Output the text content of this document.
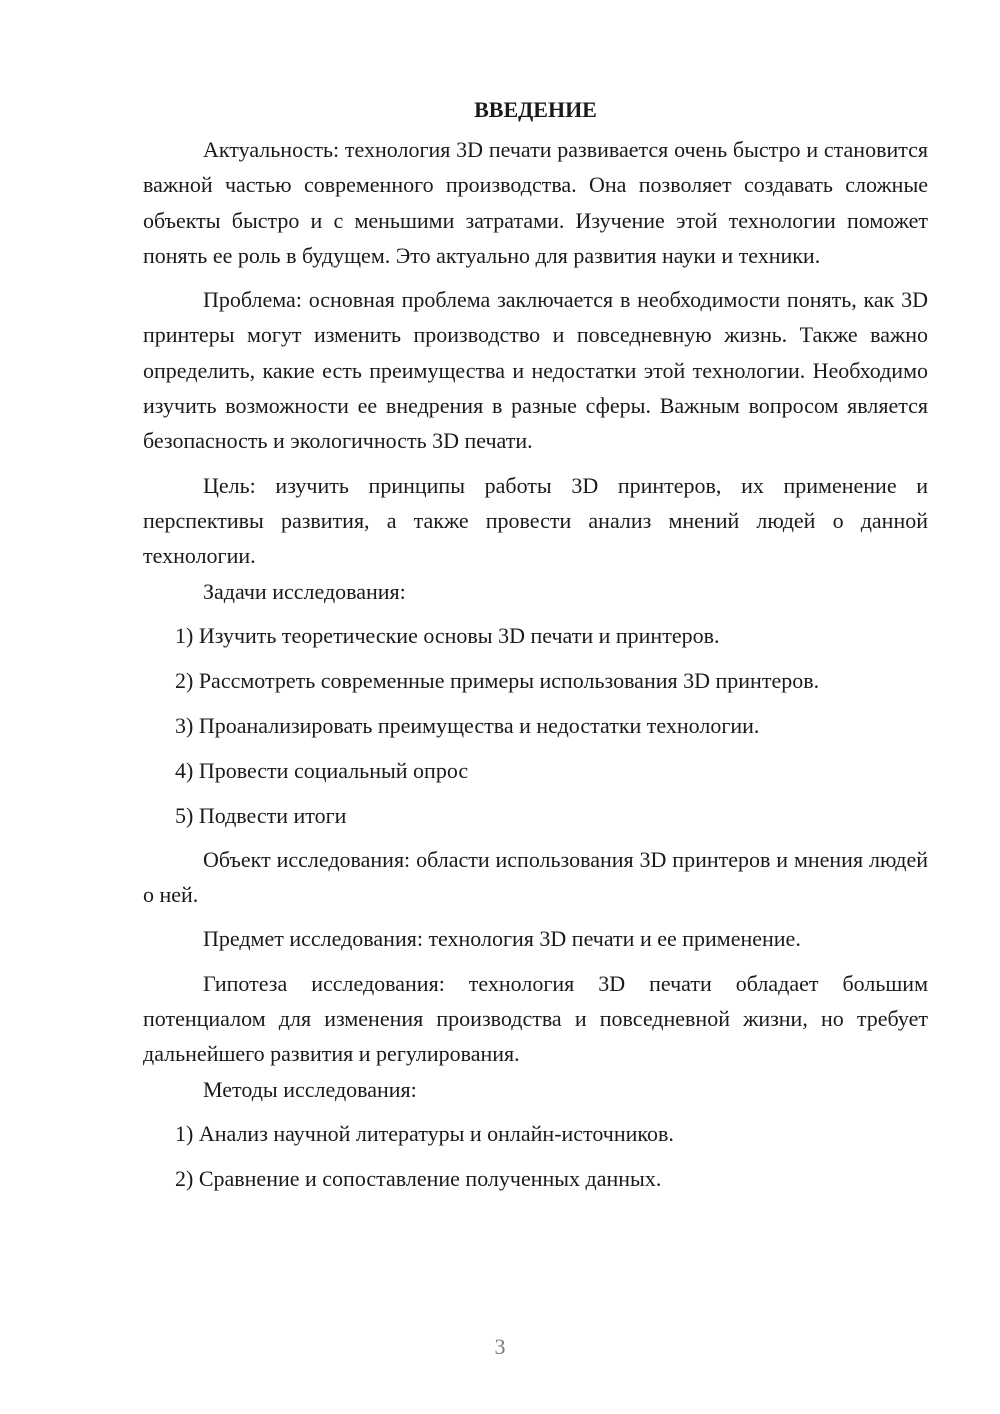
ВВЕДЕНИЕ

Актуальность: технология 3D печати развивается очень быстро и становится важной частью современного производства. Она позволяет создавать сложные объекты быстро и с меньшими затратами. Изучение этой технологии поможет понять ее роль в будущем. Это актуально для развития науки и техники.

Проблема: основная проблема заключается в необходимости понять, как 3D принтеры могут изменить производство и повседневную жизнь. Также важно определить, какие есть преимущества и недостатки этой технологии. Необходимо изучить возможности ее внедрения в разные сферы. Важным вопросом является безопасность и экологичность 3D печати.

Цель: изучить принципы работы 3D принтеров, их применение и перспективы развития, а также провести анализ мнений людей о данной технологии.

Задачи исследования:

1) Изучить теоретические основы 3D печати и принтеров.

2) Рассмотреть современные примеры использования 3D принтеров.

3) Проанализировать преимущества и недостатки технологии.

4) Провести социальный опрос

5) Подвести итоги

Объект исследования: области использования 3D принтеров и мнения людей о ней.

Предмет исследования: технология 3D печати и ее применение.

Гипотеза исследования: технология 3D печати обладает большим потенциалом для изменения производства и повседневной жизни, но требует дальнейшего развития и регулирования.

Методы исследования:

1) Анализ научной литературы и онлайн-источников.

2) Сравнение и сопоставление полученных данных.

3
